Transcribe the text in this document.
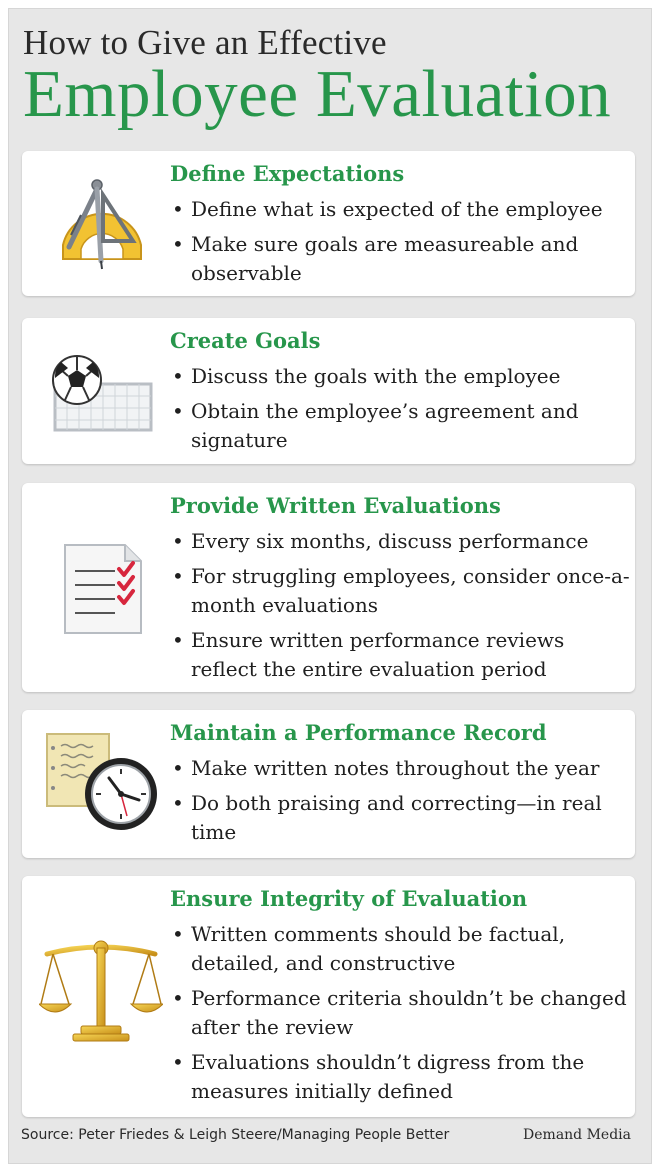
How to Give an Effective
Employee Evaluation
Define Expectations
• Define what is expected of the employee
• Make sure goals are measureable and observable
Create Goals
• Discuss the goals with the employee
• Obtain the employee’s agreement and signature
Provide Written Evaluations
• Every six months, discuss performance
• For struggling employees, consider once-a-month evaluations
• Ensure written performance reviews reflect the entire evaluation period
Maintain a Performance Record
• Make written notes throughout the year
• Do both praising and correcting—in real time
Ensure Integrity of Evaluation
• Written comments should be factual, detailed, and constructive
• Performance criteria shouldn’t be changed after the review
• Evaluations shouldn’t digress from the measures initially defined
Source: Peter Friedes & Leigh Steere/Managing People Better	Demand Media
